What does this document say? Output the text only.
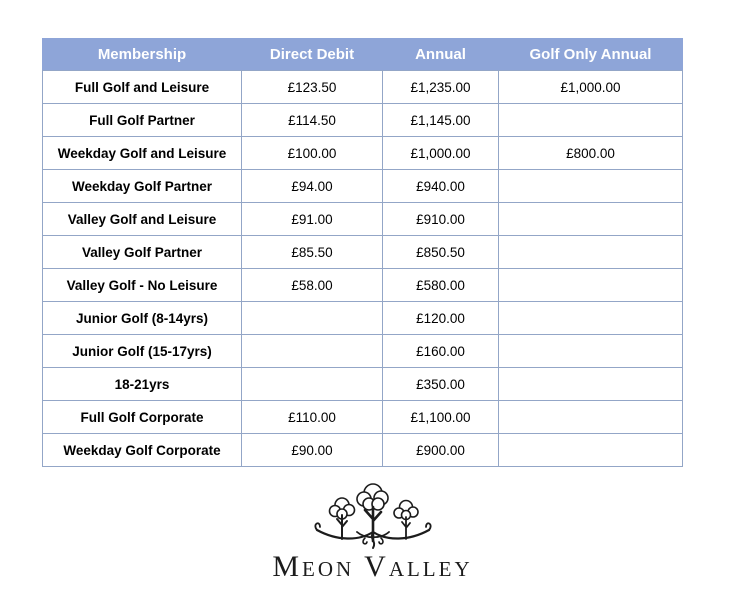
Membership	Direct Debit	Annual	Golf Only Annual
Full Golf and Leisure	£123.50	£1,235.00	£1,000.00
Full Golf Partner	£114.50	£1,145.00	
Weekday Golf and Leisure	£100.00	£1,000.00	£800.00
Weekday Golf Partner	£94.00	£940.00	
Valley Golf and Leisure	£91.00	£910.00	
Valley Golf Partner	£85.50	£850.50	
Valley Golf - No Leisure	£58.00	£580.00	
Junior Golf (8-14yrs)		£120.00	
Junior Golf (15-17yrs)		£160.00	
18-21yrs		£350.00	
Full Golf Corporate	£110.00	£1,100.00	
Weekday Golf Corporate	£90.00	£900.00	
Meon Valley
